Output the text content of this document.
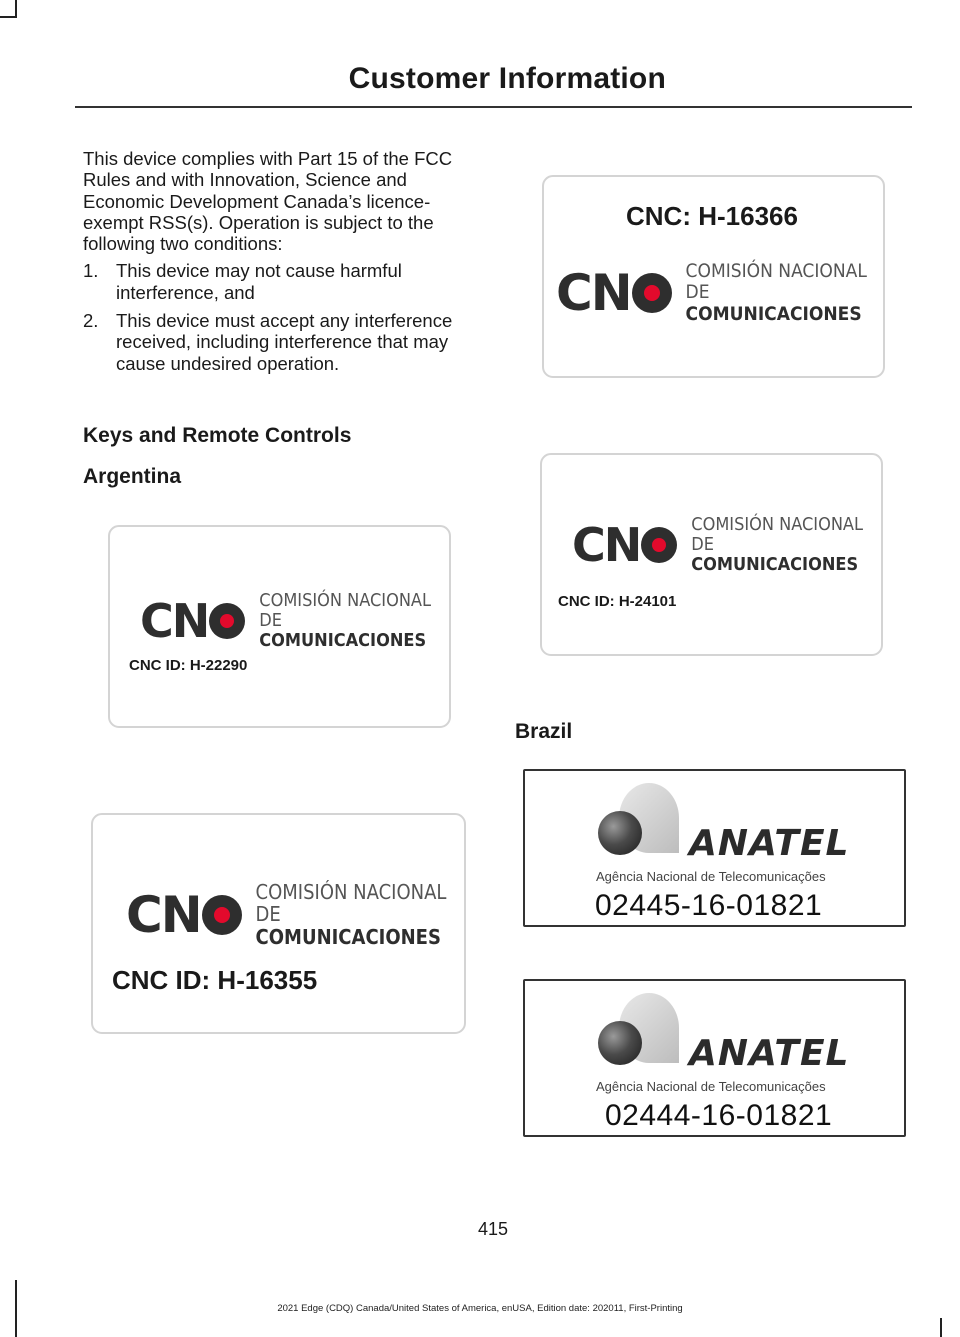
Customer Information

This device complies with Part 15 of the FCC Rules and with Innovation, Science and Economic Development Canada’s licence-exempt RSS(s). Operation is subject to the following two conditions:

1. This device may not cause harmful interference, and
2. This device must accept any interference received, including interference that may cause undesired operation.
Keys and Remote Controls
Argentina
Brazil
CN	COMISIÓN NACIONAL
DE COMUNICACIONES
CNC ID: H-22290
CN	COMISIÓN NACIONAL
DE COMUNICACIONES
CNC ID: H-16355
CNC: H-16366
CN	COMISIÓN NACIONAL
DE COMUNICACIONES
CN	COMISIÓN NACIONAL
DE COMUNICACIONES
CNC ID: H-24101
ANATEL
Agência Nacional de Telecomunicações
02445-16-01821
ANATEL
Agência Nacional de Telecomunicações
02444-16-01821
415
2021 Edge (CDQ) Canada/United States of America, enUSA, Edition date: 202011, First-Printing
